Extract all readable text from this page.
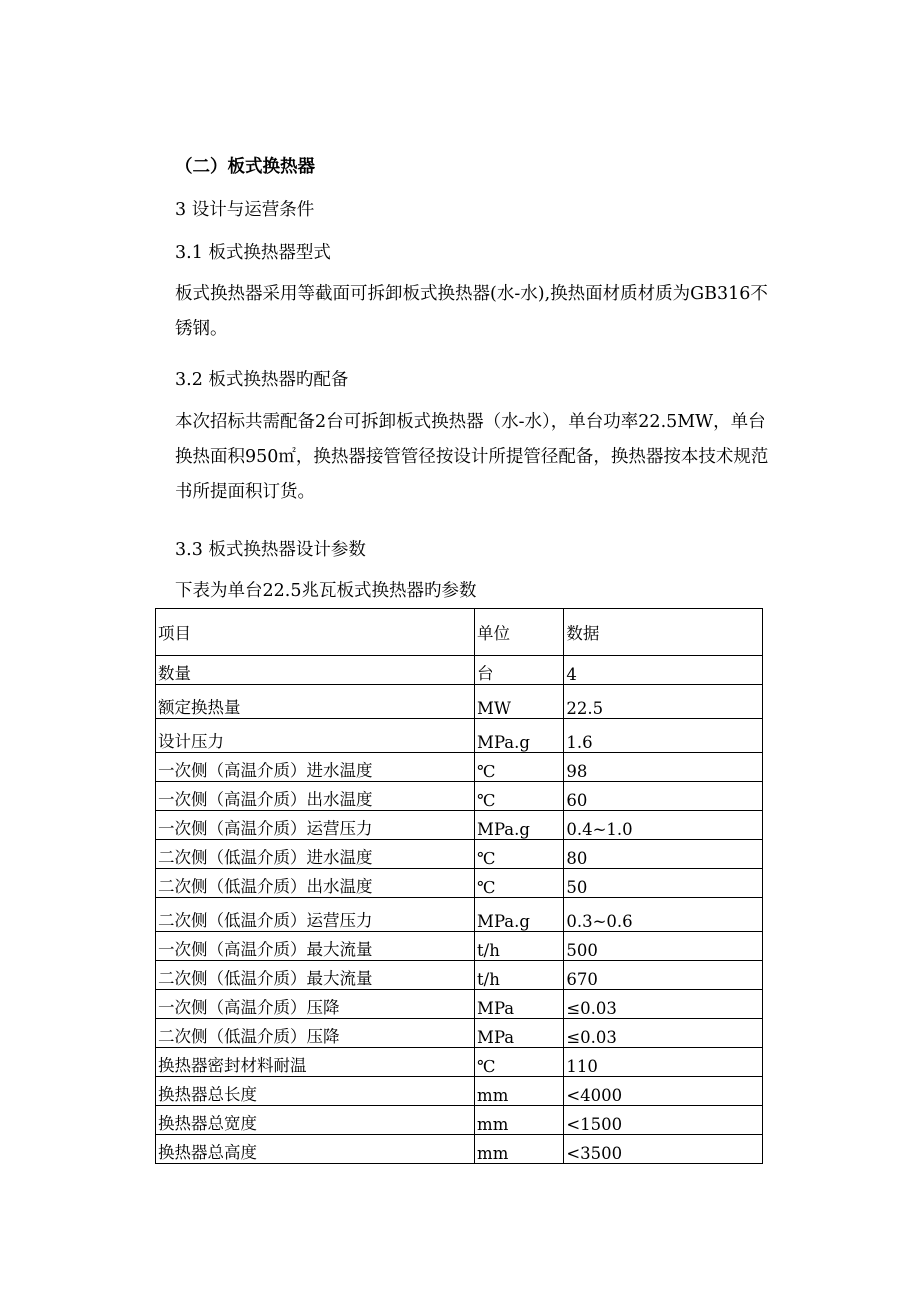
（二）板式换热器
3 设计与运营条件
3.1 板式换热器型式
板式换热器采用等截面可拆卸板式换热器(水-水),换热面材质材质为GB316不锈钢。
3.2 板式换热器旳配备
本次招标共需配备2台可拆卸板式换热器（水-水），单台功率22.5MW，单台换热面积950㎡，换热器接管管径按设计所提管径配备，换热器按本技术规范书所提面积订货。
3.3 板式换热器设计参数
下表为单台22.5兆瓦板式换热器旳参数
项目	单位	数据
数量	台	4
额定换热量	MW	22.5
设计压力	MPa.g	1.6
一次侧（高温介质）进水温度	℃	98
一次侧（高温介质）出水温度	℃	60
一次侧（高温介质）运营压力	MPa.g	0.4~1.0
二次侧（低温介质）进水温度	℃	80
二次侧（低温介质）出水温度	℃	50
二次侧（低温介质）运营压力	MPa.g	0.3~0.6
一次侧（高温介质）最大流量	t/h	500
二次侧（低温介质）最大流量	t/h	670
一次侧（高温介质）压降	MPa	≤0.03
二次侧（低温介质）压降	MPa	≤0.03
换热器密封材料耐温	℃	110
换热器总长度	mm	<4000
换热器总宽度	mm	<1500
换热器总高度	mm	<3500
